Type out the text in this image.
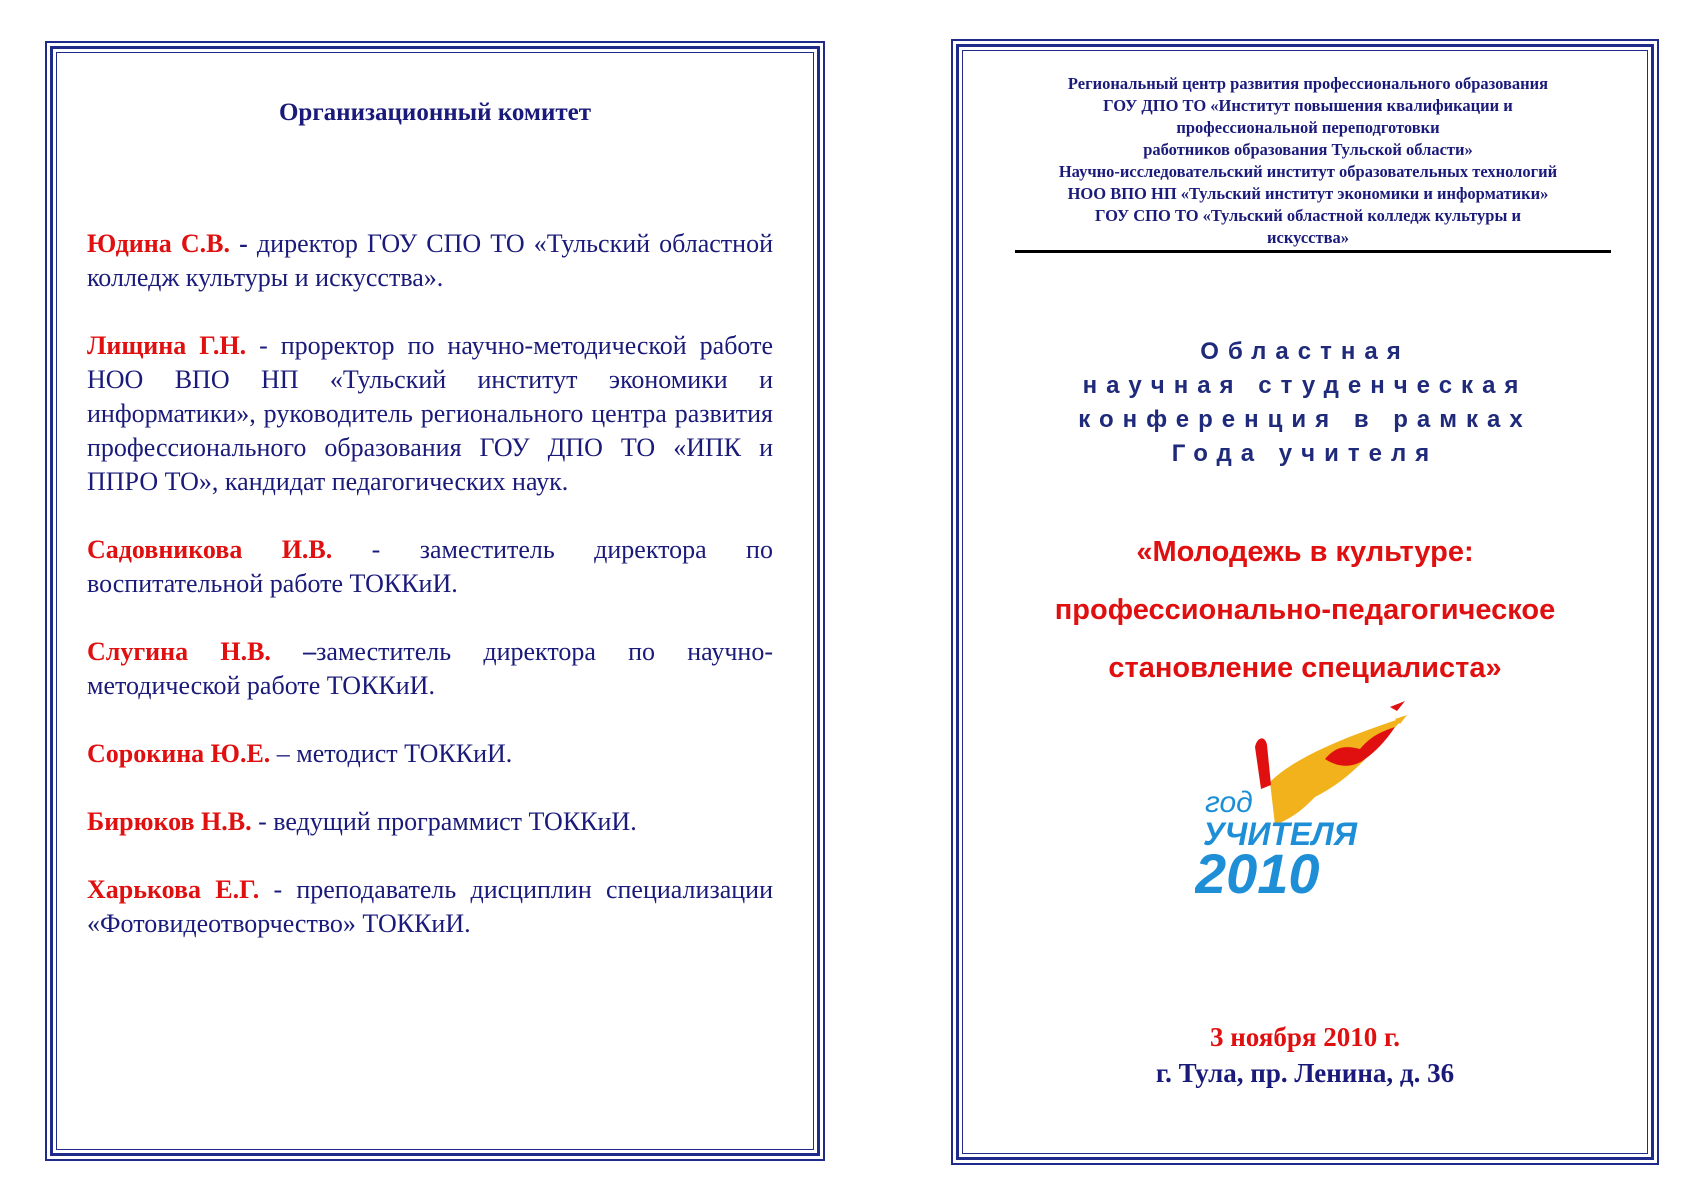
Организационный комитет

Юдина С.В. - директор ГОУ СПО ТО «Тульский областной колледж культуры и искусства».

Лищина Г.Н. - проректор по научно-методической работе НОО ВПО НП «Тульский институт экономики и информатики», руководитель регионального центра развития профессионального образования ГОУ ДПО ТО «ИПК и ППРО ТО», кандидат педагогических наук.

Садовникова И.В. - заместитель директора по воспитательной работе ТОККиИ.

Слугина Н.В. –заместитель директора по научно-методической работе ТОККиИ.

Сорокина Ю.Е. – методист ТОККиИ.

Бирюков Н.В. - ведущий программист ТОККиИ.

Харькова Е.Г. - преподаватель дисциплин специализации «Фотовидеотворчество» ТОККиИ.

Региональный центр развития профессионального образования
ГОУ ДПО ТО «Институт повышения квалификации и
профессиональной переподготовки
работников образования Тульской области»
Научно-исследовательский институт образовательных технологий
НОО ВПО НП «Тульский институт экономики и информатики»
ГОУ СПО ТО «Тульский областной колледж культуры и
искусства»
Областная
научная студенческая
конференция в рамках
Года учителя
«Молодежь в культуре:
профессионально-педагогическое
становление специалиста»
год
УЧИТЕЛЯ
2010
3 ноября 2010 г.
г. Тула, пр. Ленина, д. 36
